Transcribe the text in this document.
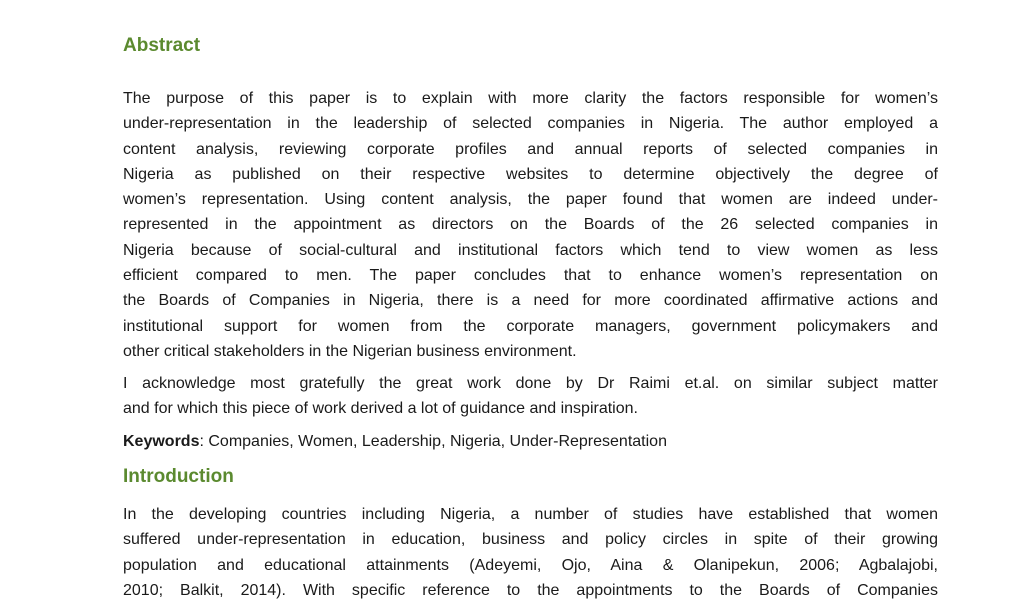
Abstract
The purpose of this paper is to explain with more clarity the factors responsible for women’s
under-representation in the leadership of selected companies in Nigeria. The author employed a
content analysis, reviewing corporate profiles and annual reports of selected companies in
Nigeria as published on their respective websites to determine objectively the degree of
women’s representation. Using content analysis, the paper found that women are indeed under-
represented in the appointment as directors on the Boards of the 26 selected companies in
Nigeria because of social-cultural and institutional factors which tend to view women as less
efficient compared to men. The paper concludes that to enhance women’s representation on
the Boards of Companies in Nigeria, there is a need for more coordinated affirmative actions and
institutional support for women from the corporate managers, government policymakers and
other critical stakeholders in the Nigerian business environment.
I acknowledge most gratefully the great work done by Dr Raimi et.al. on similar subject matter
and for which this piece of work derived a lot of guidance and inspiration.

Keywords: Companies, Women, Leadership, Nigeria, Under-Representation

Introduction
In the developing countries including Nigeria, a number of studies have established that women
suffered under-representation in education, business and policy circles in spite of their growing
population and educational attainments (Adeyemi, Ojo, Aina & Olanipekun, 2006; Agbalajobi,
2010; Balkit, 2014). With specific reference to the appointments to the Boards of Companies
